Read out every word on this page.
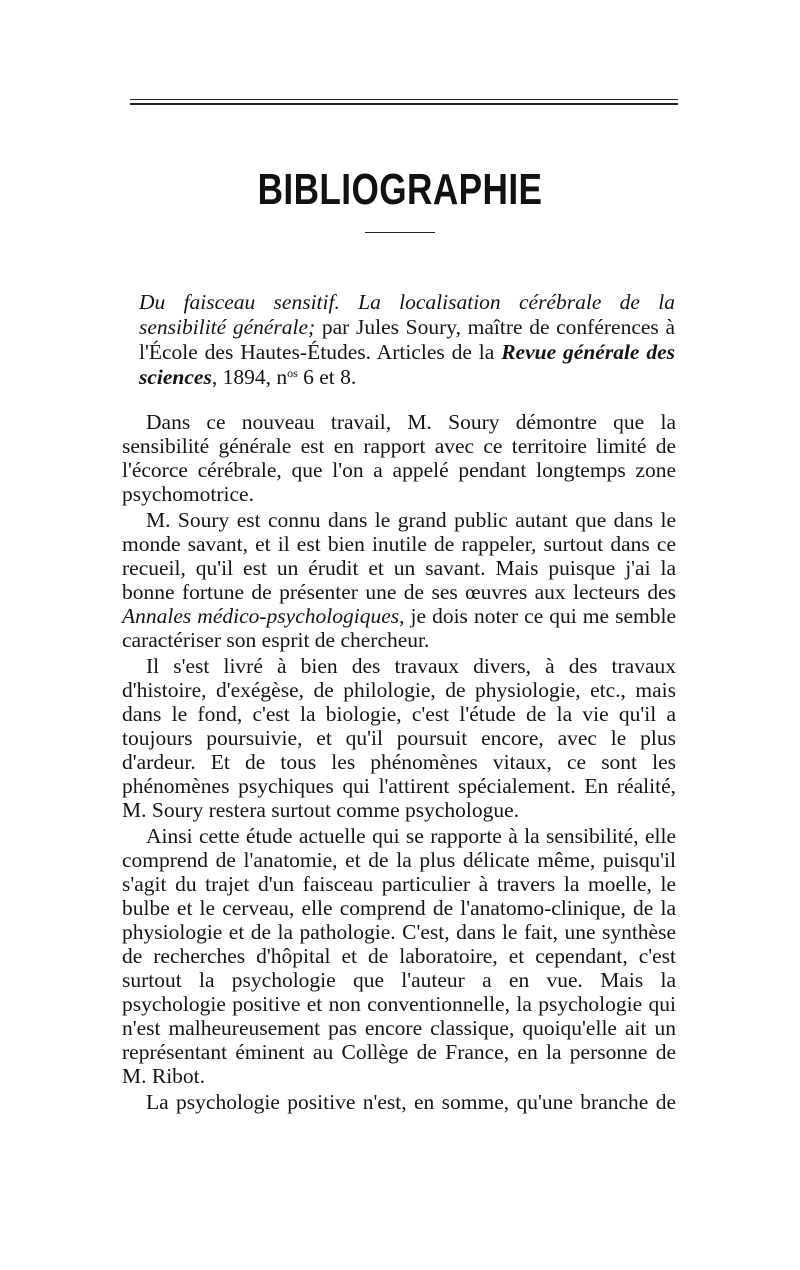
BIBLIOGRAPHIE
Du faisceau sensitif. La localisation cérébrale de la sensibilité générale; par Jules Soury, maître de conférences à l'École des Hautes-Études. Articles de la Revue générale des sciences, 1894, $n^{os}$ 6 et 8.

Dans ce nouveau travail, M. Soury démontre que la sensibilité générale est en rapport avec ce territoire limité de l'écorce cérébrale, que l'on a appelé pendant longtemps zone psychomotrice.

M. Soury est connu dans le grand public autant que dans le monde savant, et il est bien inutile de rappeler, surtout dans ce recueil, qu'il est un érudit et un savant. Mais puisque j'ai la bonne fortune de présenter une de ses œuvres aux lecteurs des Annales médico-psychologiques, je dois noter ce qui me semble caractériser son esprit de chercheur.

Il s'est livré à bien des travaux divers, à des travaux d'histoire, d'exégèse, de philologie, de physiologie, etc., mais dans le fond, c'est la biologie, c'est l'étude de la vie qu'il a toujours poursuivie, et qu'il poursuit encore, avec le plus d'ardeur. Et de tous les phénomènes vitaux, ce sont les phénomènes psychiques qui l'attirent spécialement. En réalité, M. Soury restera surtout comme psychologue.

Ainsi cette étude actuelle qui se rapporte à la sensibilité, elle comprend de l'anatomie, et de la plus délicate même, puisqu'il s'agit du trajet d'un faisceau particulier à travers la moelle, le bulbe et le cerveau, elle comprend de l'anatomo-clinique, de la physiologie et de la pathologie. C'est, dans le fait, une synthèse de recherches d'hôpital et de laboratoire, et cependant, c'est surtout la psychologie que l'auteur a en vue. Mais la psychologie positive et non conventionnelle, la psychologie qui n'est malheureusement pas encore classique, quoiqu'elle ait un représentant éminent au Collège de France, en la personne de M. Ribot.

La psychologie positive n'est, en somme, qu'une branche de
